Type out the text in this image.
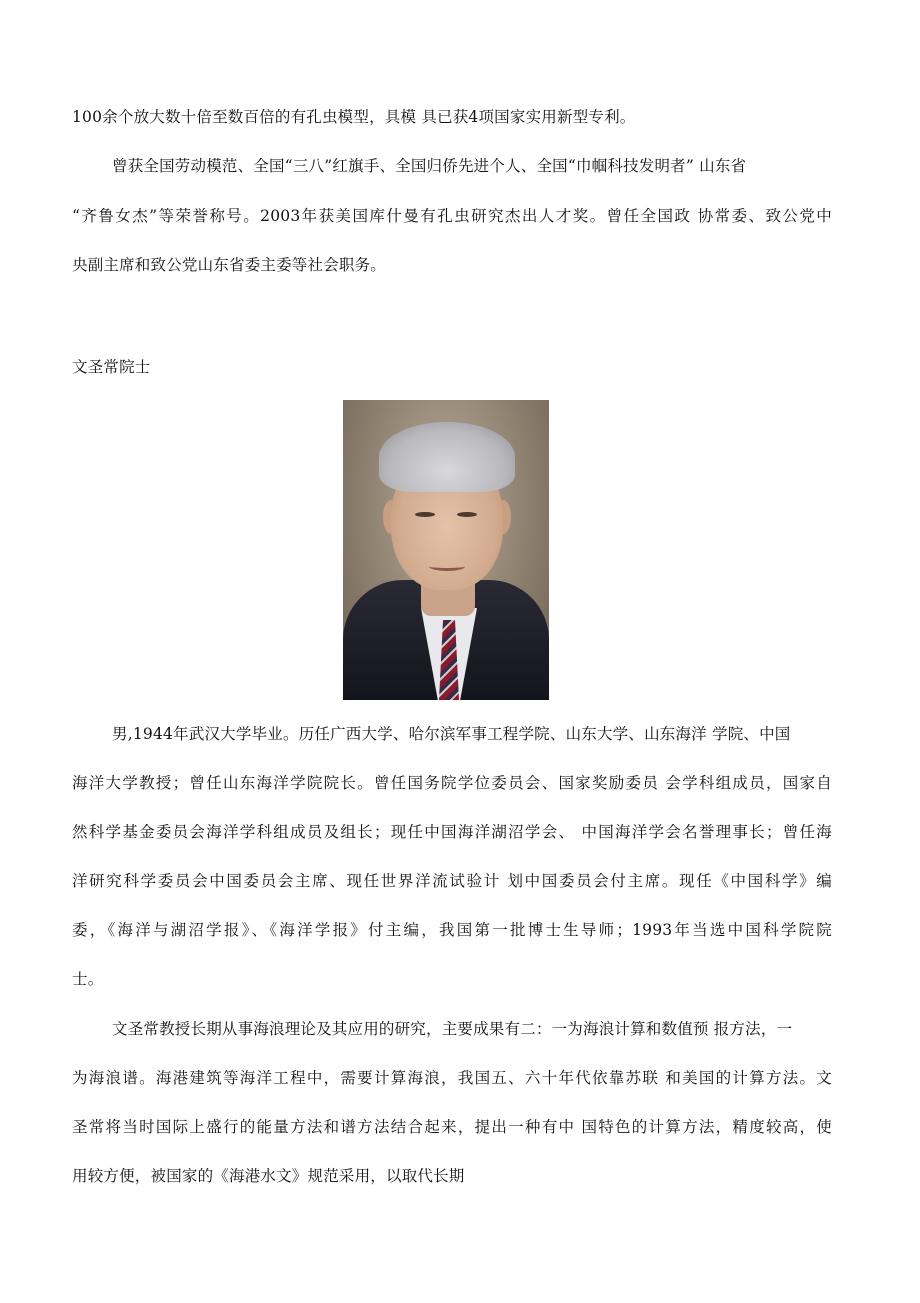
100余个放大数十倍至数百倍的有孔虫模型，具模 具已获4项国家实用新型专利。
曾获全国劳动模范、全国“三八”红旗手、全国归侨先进个人、全国“巾帼科技发明者” 山东省
“齐鲁女杰”等荣誉称号。2003年获美国库什曼有孔虫研究杰出人才奖。曾任全国政 协常委、致公党中
央副主席和致公党山东省委主委等社会职务。
文圣常院士
男,1944年武汉大学毕业。历任广西大学、哈尔滨军事工程学院、山东大学、山东海洋 学院、中国
海洋大学教授；曾任山东海洋学院院长。曾任国务院学位委员会、国家奖励委员 会学科组成员，国家自
然科学基金委员会海洋学科组成员及组长；现任中国海洋湖沼学会、 中国海洋学会名誉理事长；曾任海
洋研究科学委员会中国委员会主席、现任世界洋流试验计 划中国委员会付主席。现任《中国科学》编
委，《海洋与湖沼学报》、《海洋学报》付主编，我国第一批博士生导师；1993年当选中国科学院院
士。
文圣常教授长期从事海浪理论及其应用的研究，主要成果有二：一为海浪计算和数值预 报方法，一
为海浪谱。海港建筑等海洋工程中，需要计算海浪，我国五、六十年代依靠苏联 和美国的计算方法。文
圣常将当时国际上盛行的能量方法和谱方法结合起来，提出一种有中 国特色的计算方法，精度较高，使
用较方便，被国家的《海港水文》规范采用，以取代长期
